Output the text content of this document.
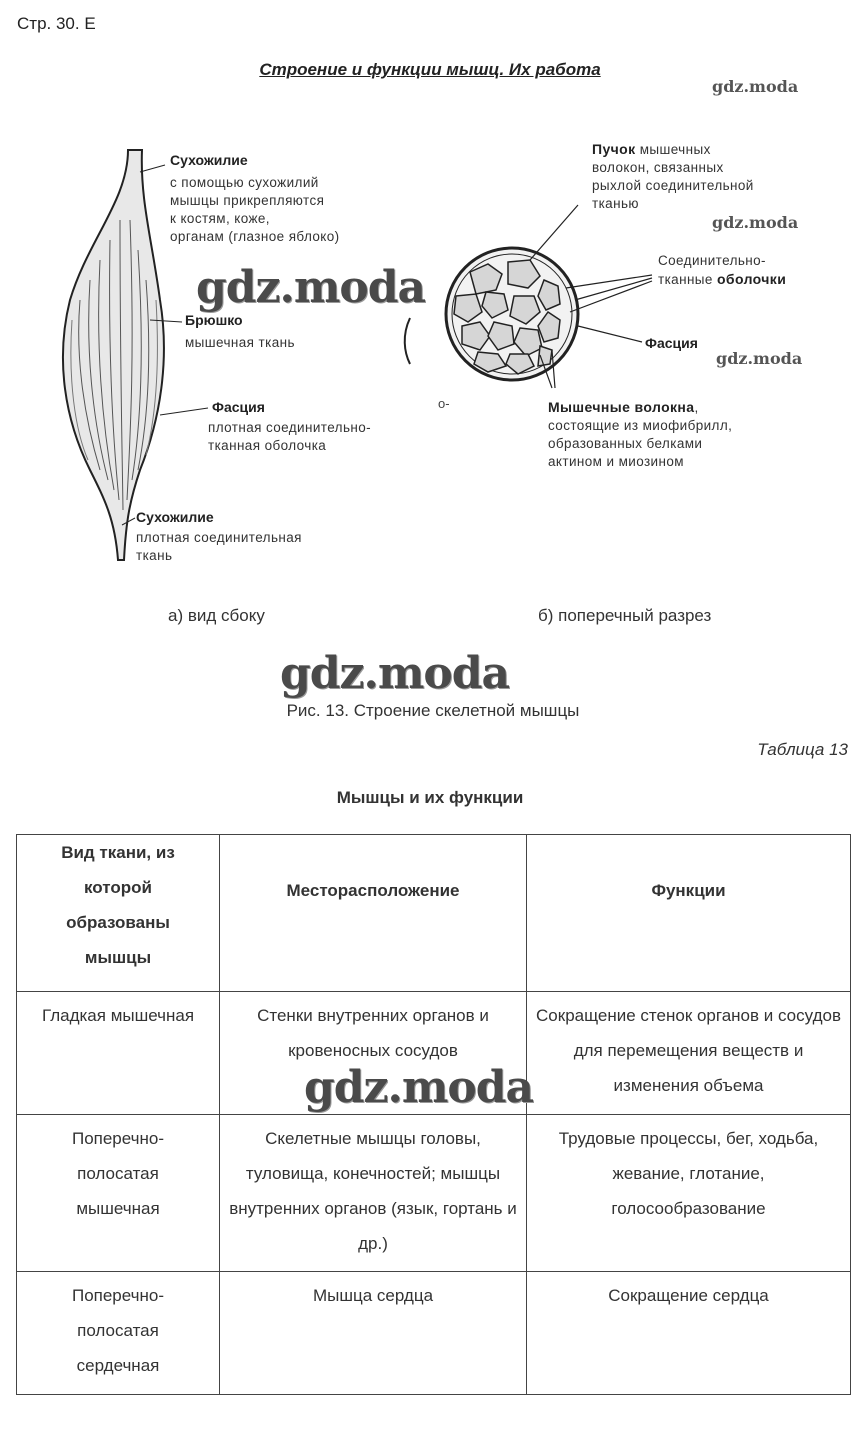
Стр. 30. Е
Строение и функции мышц. Их работа
о-
Сухожилие
с помощью сухожилий
мышцы прикрепляются
к костям, коже,
органам (глазное яблоко)
Брюшко
мышечная ткань
Фасция
плотная соединительно-
тканная оболочка
Сухожилие
плотная соединительная
ткань
Пучок мышечных
волокон, связанных
рыхлой соединительной
тканью
Соединительно-
тканные оболочки
Фасция
Мышечные волокна,
состоящие из миофибрилл,
образованных белками
актином и миозином
gdz.moda
gdz.moda
gdz.moda
gdz.moda
gdz.moda
gdz.moda
а) вид сбоку	б) поперечный разрез
Рис. 13. Строение скелетной мышцы
Таблица 13
Мышцы и их функции
Вид ткани, из которой образованы мышцы	Месторасположение	Функции
Гладкая мышечная	Стенки внутренних органов и кровеносных сосудов	Сокращение стенок органов и сосудов для перемещения веществ и изменения объема
Поперечно-полосатая мышечная	Скелетные мышцы головы, туловища, конечностей; мышцы внутренних органов (язык, гортань и др.)	Трудовые процессы, бег, ходьба, жевание, глотание, голосообразование
Поперечно-полосатая сердечная	Мышца сердца	Сокращение сердца
